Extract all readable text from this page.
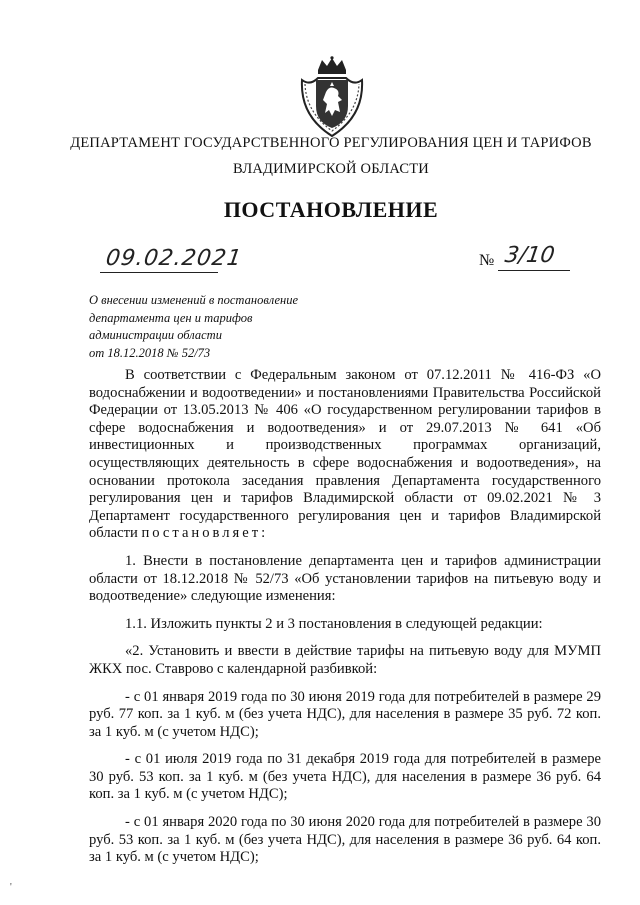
ДЕПАРТАМЕНТ ГОСУДАРСТВЕННОГО РЕГУЛИРОВАНИЯ ЦЕН И ТАРИФОВ
ВЛАДИМИРСКОЙ ОБЛАСТИ
ПОСТАНОВЛЕНИЕ
09.02.2021	№ 3/10
О внесении изменений в постановление
департамента цен и тарифов
администрации области
от 18.12.2018 № 52/73

В соответствии с Федеральным законом от 07.12.2011 № 416-ФЗ «О водоснабжении и водоотведении» и постановлениями Правительства Российской Федерации от 13.05.2013 № 406 «О государственном регулировании тарифов в сфере водоснабжения и водоотведения» и от 29.07.2013 № 641 «Об инвестиционных и производственных программах организаций, осуществляющих деятельность в сфере водоснабжения и водоотведения», на основании протокола заседания правления Департамента государственного регулирования цен и тарифов Владимирской области от 09.02.2021 № 3 Департамент государственного регулирования цен и тарифов Владимирской области постановляет:

1. Внести в постановление департамента цен и тарифов администрации области от 18.12.2018 № 52/73 «Об установлении тарифов на питьевую воду и водоотведение» следующие изменения:

1.1. Изложить пункты 2 и 3 постановления в следующей редакции:

«2. Установить и ввести в действие тарифы на питьевую воду для МУМП ЖКХ пос. Ставрово с календарной разбивкой:

- с 01 января 2019 года по 30 июня 2019 года для потребителей в размере 29 руб. 77 коп. за 1 куб. м (без учета НДС), для населения в размере 35 руб. 72 коп. за 1 куб. м (с учетом НДС);

- с 01 июля 2019 года по 31 декабря 2019 года для потребителей в размере 30 руб. 53 коп. за 1 куб. м (без учета НДС), для населения в размере 36 руб. 64 коп. за 1 куб. м (с учетом НДС);

- с 01 января 2020 года по 30 июня 2020 года для потребителей в размере 30 руб. 53 коп. за 1 куб. м (без учета НДС), для населения в размере 36 руб. 64 коп. за 1 куб. м (с учетом НДС);

'
